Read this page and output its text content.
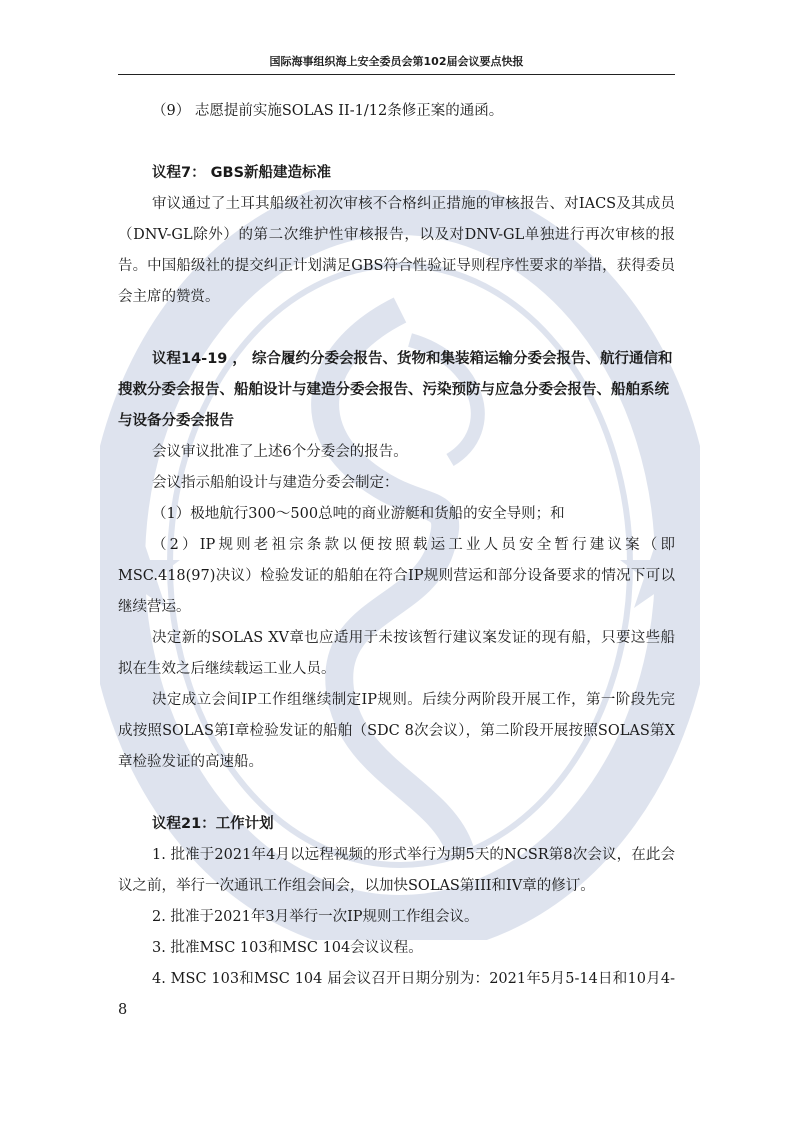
国际海事组织海上安全委员会第102届会议要点快报

（9） 志愿提前实施SOLAS II-1/12条修正案的通函。

议程7： GBS新船建造标准

审议通过了土耳其船级社初次审核不合格纠正措施的审核报告、对IACS及其成员（DNV-GL除外）的第二次维护性审核报告，以及对DNV-GL单独进行再次审核的报告。中国船级社的提交纠正计划满足GBS符合性验证导则程序性要求的举措，获得委员会主席的赞赏。

议程14-19 ， 综合履约分委会报告、货物和集装箱运输分委会报告、航行通信和搜救分委会报告、船舶设计与建造分委会报告、污染预防与应急分委会报告、船舶系统与设备分委会报告

会议审议批准了上述6个分委会的报告。

会议指示船舶设计与建造分委会制定：

（1）极地航行300～500总吨的商业游艇和货船的安全导则；和

（2）IP规则老祖宗条款以便按照载运工业人员安全暂行建议案（即MSC.418(97)决议）检验发证的船舶在符合IP规则营运和部分设备要求的情况下可以继续营运。

决定新的SOLAS XV章也应适用于未按该暂行建议案发证的现有船，只要这些船拟在生效之后继续载运工业人员。

决定成立会间IP工作组继续制定IP规则。后续分两阶段开展工作，第一阶段先完成按照SOLAS第I章检验发证的船舶（SDC 8次会议），第二阶段开展按照SOLAS第X章检验发证的高速船。

议程21：工作计划

1. 批准于2021年4月以远程视频的形式举行为期5天的NCSR第8次会议，在此会议之前，举行一次通讯工作组会间会，以加快SOLAS第III和IV章的修订。

2. 批准于2021年3月举行一次IP规则工作组会议。

3. 批准MSC 103和MSC 104会议议程。

4. MSC 103和MSC 104 届会议召开日期分别为：2021年5月5-14日和10月4-8
